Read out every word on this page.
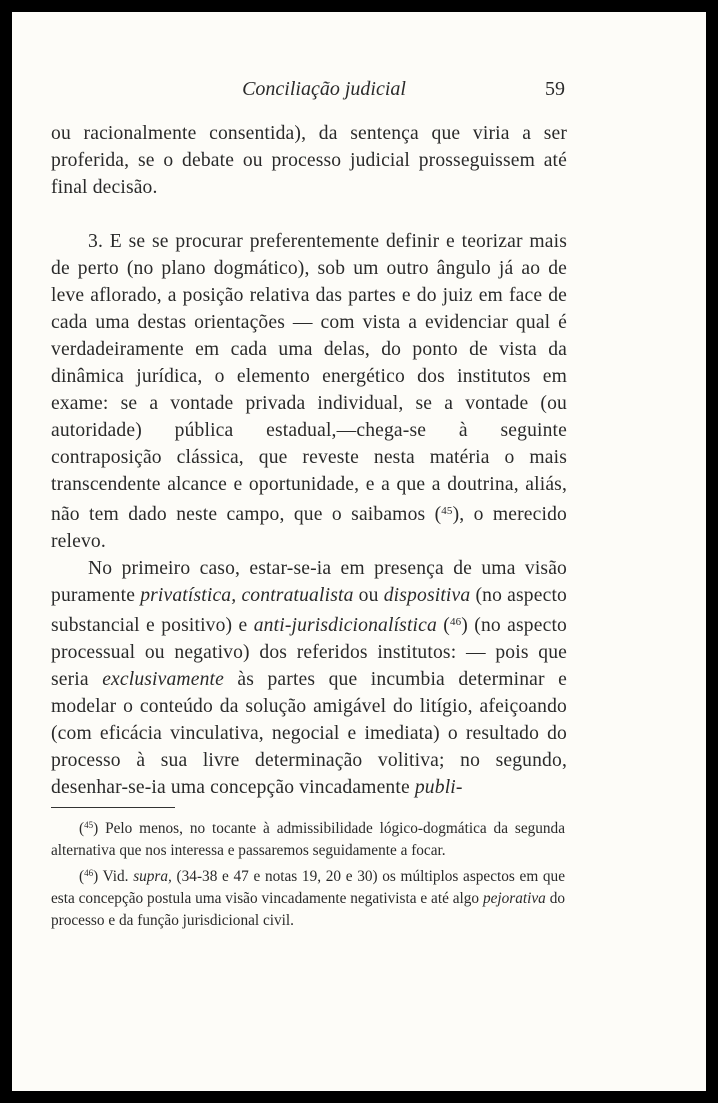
Conciliação judicial	59

ou racionalmente consentida), da sentença que viria a ser proferida, se o debate ou processo judicial prosseguissem até final decisão.

3. E se se procurar preferentemente definir e teorizar mais de perto (no plano dogmático), sob um outro ângulo já ao de leve aflorado, a posição relativa das partes e do juiz em face de cada uma destas orientações — com vista a evidenciar qual é verdadeiramente em cada uma delas, do ponto de vista da dinâmica jurídica, o elemento energético dos institutos em exame: se a vontade privada individual, se a vontade (ou autoridade) pública estadual,—chega-se à seguinte contraposição clássica, que reveste nesta matéria o mais transcendente alcance e oportunidade, e a que a doutrina, aliás, não tem dado neste campo, que o saibamos ($^{45}$), o merecido relevo.

No primeiro caso, estar-se-ia em presença de uma visão puramente privatística, contratualista ou dispositiva (no aspecto substancial e positivo) e anti-jurisdicionalística ($^{46}$) (no aspecto processual ou negativo) dos referidos institutos: — pois que seria exclusivamente às partes que incumbia determinar e modelar o conteúdo da solução amigável do litígio, afeiçoando (com eficácia vinculativa, negocial e imediata) o resultado do processo à sua livre determinação volitiva; no segundo, desenhar-se-ia uma concepção vincadamente publi-

($^{45}$) Pelo menos, no tocante à admissibilidade lógico-dogmática da segunda alternativa que nos interessa e passaremos seguidamente a focar.

($^{46}$) Vid. supra, (34-38 e 47 e notas 19, 20 e 30) os múltiplos aspectos em que esta concepção postula uma visão vincadamente negativista e até algo pejorativa do processo e da função jurisdicional civil.
